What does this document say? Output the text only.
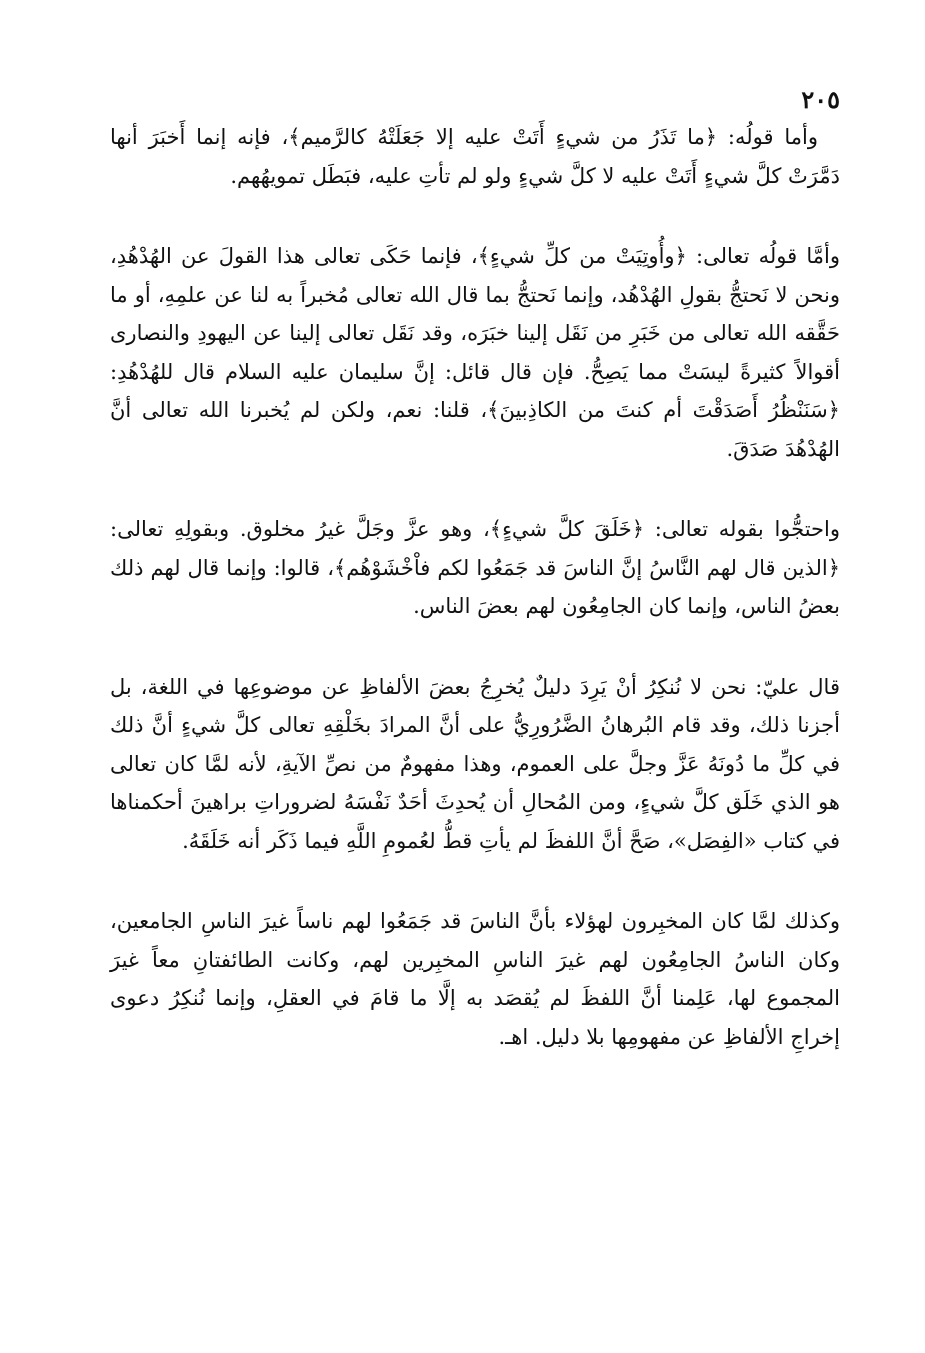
٢٠٥

وأما قولُه: ﴿ما تَذَرُ من شيءٍ أَتَتْ عليه إلا جَعَلَتْهُ كالرَّميم﴾، فإنه إنما أَخبَرَ أنها دَمَّرَتْ كلَّ شيءٍ أَتَتْ عليه لا كلَّ شيءٍ ولو لم تأتِ عليه، فبَطَل تمويهُهم.

وأمَّا قولُه تعالى: ﴿وأُوتِيَتْ من كلِّ شيءٍ﴾، فإنما حَكَى تعالى هذا القولَ عن الهُدْهُدِ، ونحن لا نَحتجُّ بقولِ الهُدْهُد، وإنما نَحتجُّ بما قال الله تعالى مُخبراً به لنا عن علمِهِ، أو ما حَقَّقه الله تعالى من خَبَرِ من نَقَل إلينا خبَرَه، وقد نَقَل تعالى إلينا عن اليهودِ والنصارى أقوالاً كثيرةً ليسَتْ مما يَصِحُّ. فإن قال قائل: إنَّ سليمان عليه السلام قال للهُدْهُدِ: ﴿سَنَنْظُرُ أَصَدَقْتَ أم كنتَ من الكاذِبينَ﴾، قلنا: نعم، ولكن لم يُخبرنا الله تعالى أنَّ الهُدْهُدَ صَدَقَ.

واحتجُّوا بقوله تعالى: ﴿خَلَقَ كلَّ شيءٍ﴾، وهو عزَّ وجَلَّ غيرُ مخلوق. وبقولِهِ تعالى: ﴿الذين قال لهم النَّاسُ إنَّ الناسَ قد جَمَعُوا لكم فاْخْشَوْهُم﴾، قالوا: وإنما قال لهم ذلك بعضُ الناس، وإنما كان الجامِعُون لهم بعضَ الناس.

قال عليّ: نحن لا نُنكِرُ أنْ يَرِدَ دليلٌ يُخرِجُ بعضَ الألفاظِ عن موضوعِها في اللغة، بل أجزنا ذلك، وقد قام البُرهانُ الضَّرُورِيُّ على أنَّ المرادَ بخَلْقِهِ تعالى كلَّ شيءٍ أنَّ ذلك في كلِّ ما دُونَهُ عَزَّ وجلَّ على العموم، وهذا مفهومٌ من نصِّ الآيةِ، لأنه لمَّا كان تعالى هو الذي خَلَق كلَّ شيءٍ، ومن المُحالِ أن يُحدِثَ أحَدٌ نَفْسَهُ لضروراتِ براهينَ أحكمناها في كتاب «الفِصَل»، صَحَّ أنَّ اللفظَ لم يأتِ قطُّ لعُمومِ اللَّهِ فيما ذَكَر أنه خَلَقَهُ.

وكذلك لمَّا كان المخبِرون لهؤلاء بأنَّ الناسَ قد جَمَعُوا لهم ناساً غيرَ الناسِ الجامعين، وكان الناسُ الجامِعُون لهم غيرَ الناسِ المخبِرين لهم، وكانت الطائفتانِ معاً غيرَ المجموع لها، عَلِمنا أنَّ اللفظَ لم يُقصَد به إلَّا ما قامَ في العقلِ، وإنما نُنكِرُ دعوى إخراجِ الألفاظِ عن مفهومِها بلا دليل. اهـ.
